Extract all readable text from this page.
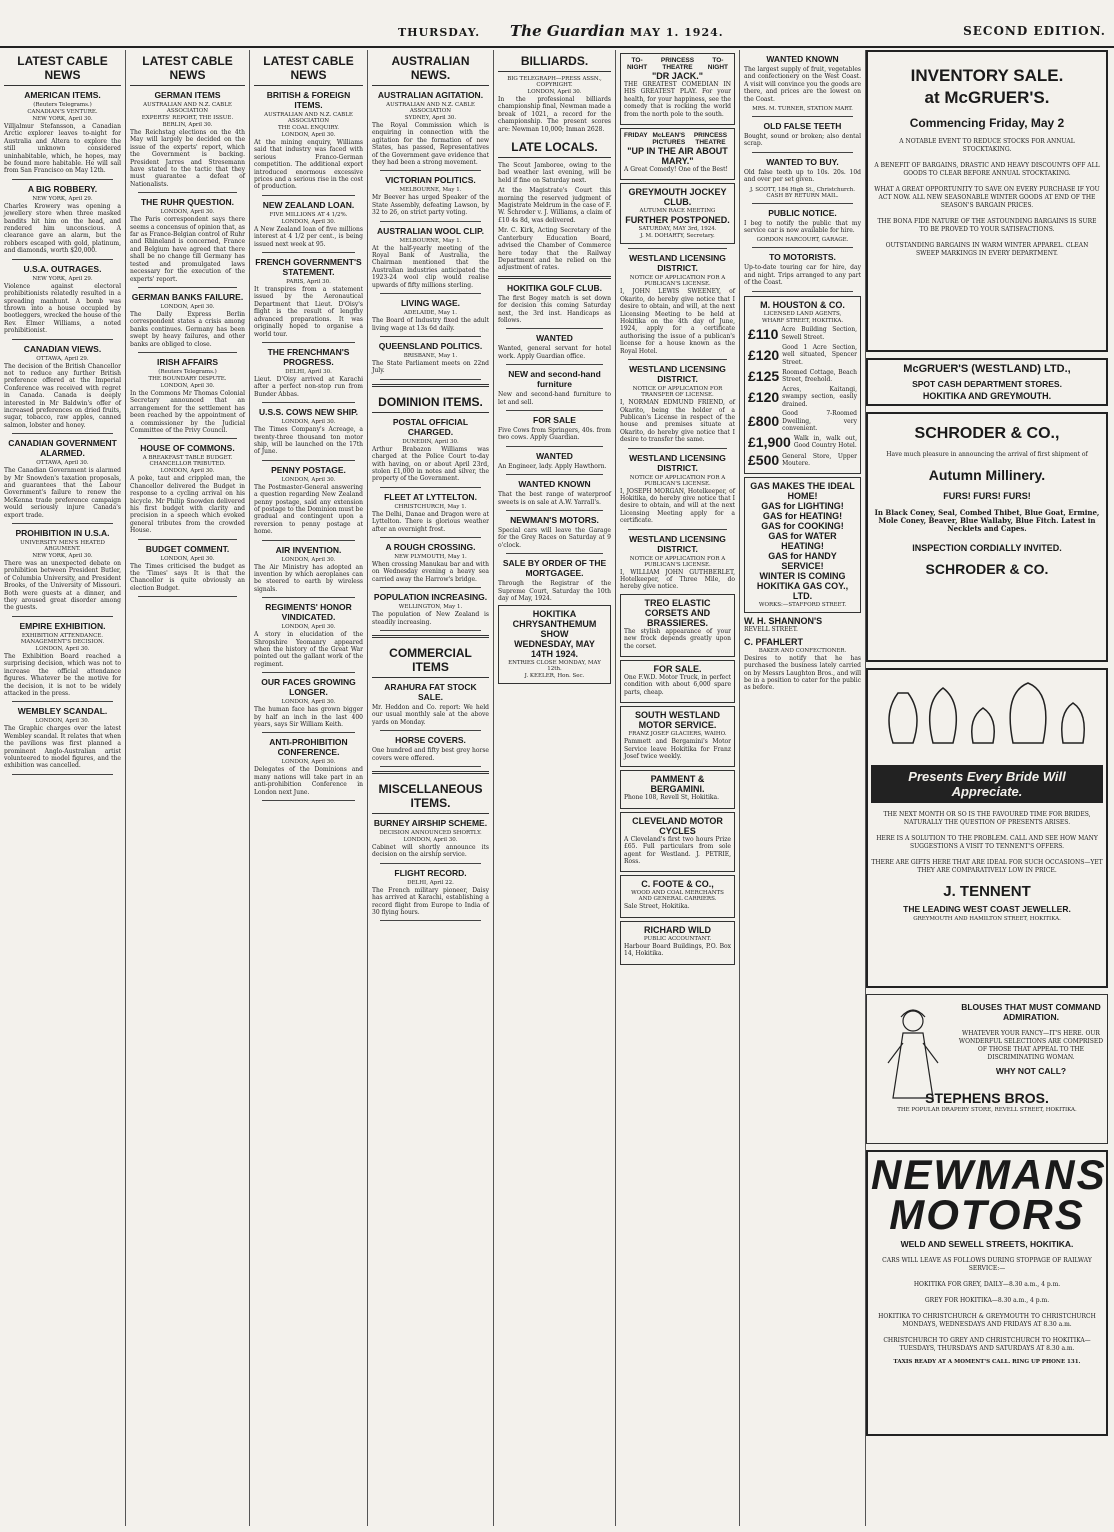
THURSDAY. The Guardian MAY 1. 1924.	SECOND EDITION.
LATEST CABLE NEWS
AMERICAN ITEMS.
(Reuters Telegrams.)
CANADIAN'S VENTURE.
NEW YORK, April 30.

Villjalmur Stefansson, a Canadian Arctic explorer leaves to-night for Australia and Altera to explore the still unknown considered uninhabitable, which, he hopes, may be found more habitable. He will sail from San Francisco on May 12th.

A BIG ROBBERY.
NEW YORK, April 29.

Charles Krowery was opening a jewellery store when three masked bandits hit him on the head, and rendered him unconscious. A clearance gave an alarm, but the robbers escaped with gold, platinum, and diamonds, worth $20,000.

U.S.A. OUTRAGES.
NEW YORK, April 29.

Violence against electoral prohibitionists relatedly resulted in a spreading manhunt. A bomb was thrown into a house occupied by bootleggers, wrecked the house of the Rev. Elmer Williams, a noted prohibitionist.

CANADIAN VIEWS.
OTTAWA, April 29.

The decision of the British Chancellor not to reduce any further British preference offered at the Imperial Conference was received with regret in Canada. Canada is deeply interested in Mr Baldwin's offer of increased preferences on dried fruits, sugar, tobacco, raw apples, canned salmon, lobster and honey.

CANADIAN GOVERNMENT ALARMED.
OTTAWA, April 30.

The Canadian Government is alarmed by Mr Snowden's taxation proposals, and guarantees that the Labour Government's failure to renew the McKenna trade preference campaign would seriously injure Canada's export trade.

PROHIBITION IN U.S.A.
UNIVERSITY MEN'S HEATED ARGUMENT.
NEW YORK, April 30.

There was an unexpected debate on prohibition between President Butler, of Columbia University, and President Brooks, of the University of Missouri. Both were guests at a dinner, and they aroused great disorder among the guests.

EMPIRE EXHIBITION.
EXHIBITION ATTENDANCE. MANAGEMENT'S DECISION.
LONDON, April 30.

The Exhibition Board reached a surprising decision, which was not to increase the official attendance figures. Whatever be the motive for the decision, it is not to be widely attacked in the press.

WEMBLEY SCANDAL.
LONDON, April 30.

The Graphic charges over the latest Wembley scandal. It relates that when the pavilions was first planned a prominent Anglo-Australian artist volunteered to model figures, and the exhibition was cancelled.

LATEST CABLE NEWS
GERMAN ITEMS
AUSTRALIAN AND N.Z. CABLE ASSOCIATION
EXPERTS' REPORT, THE ISSUE.
BERLIN, April 30.

The Reichstag elections on the 4th May will largely be decided on the issue of the experts' report, which the Government is backing. President Jarres and Stresemann have stated to the tactic that they must guarantee a defeat of Nationalists.

THE RUHR QUESTION.
LONDON, April 30.

The Paris correspondent says there seems a concensus of opinion that, as far as France-Belgian control of Ruhr and Rhineland is concerned, France and Belgium have agreed that there shall be no change till Germany has tested and promulgated laws necessary for the execution of the experts' report.

GERMAN BANKS FAILURE.
LONDON, April 30.

The Daily Express Berlin correspondent states a crisis among banks continues. Germany has been swept by heavy failures, and other banks are obliged to close.

IRISH AFFAIRS
(Reuters Telegrams.)
THE BOUNDARY DISPUTE.
LONDON, April 30.

In the Commons Mr Thomas Colonial Secretary announced that an arrangement for the settlement has been reached by the appointment of a commissioner by the Judicial Committee of the Privy Council.

HOUSE OF COMMONS.
A BREAKFAST TABLE BUDGET. CHANCELLOR TRIBUTED.
LONDON, April 30.

A poke, taut and crippled man, the Chancellor delivered the Budget in response to a cycling arrival on his bicycle. Mr Philip Snowden delivered his first budget with clarity and precision in a speech which evoked general tributes from the crowded House.

BUDGET COMMENT.
LONDON, April 30.

The Times criticised the budget as the 'Times' says It is that the Chancellor is quite obviously an election Budget.

LATEST CABLE NEWS
BRITISH & FOREIGN ITEMS.
AUSTRALIAN AND N.Z. CABLE ASSOCIATION
THE COAL ENQUIRY.
LONDON, April 30.

At the mining enquiry, Williams said that industry was faced with serious Franco-German competition. The additional export introduced enormous excessive prices and a serious rise in the cost of production.

NEW ZEALAND LOAN.
FIVE MILLIONS AT 4 1/2%.
LONDON, April 30.

A New Zealand loan of five millions interest at 4 1/2 per cent., is being issued next week at 95.

FRENCH GOVERNMENT'S STATEMENT.
PARIS, April 30.

It transpires from a statement issued by the Aeronautical Department that Lieut. D'Oisy's flight is the result of lengthy advanced preparations. It was originally hoped to organise a world tour.

THE FRENCHMAN'S PROGRESS.
DELHI, April 30.

Lieut. D'Oisy arrived at Karachi after a perfect non-stop run from Bunder Abbas.

U.S.S. COWS NEW SHIP.
LONDON, April 30.

The Times Company's Acreage, a twenty-three thousand ton motor ship, will be launched on the 17th of June.

PENNY POSTAGE.
LONDON, April 30.

The Postmaster-General answering a question regarding New Zealand penny postage, said any extension of postage to the Dominion must be gradual and contingent upon a reversion to penny postage at home.

AIR INVENTION.
LONDON, April 30.

The Air Ministry has adopted an invention by which aeroplanes can be steered to earth by wireless signals.

REGIMENTS' HONOR VINDICATED.
LONDON, April 30.

A story in elucidation of the Shropshire Yeomanry appeared when the history of the Great War pointed out the gallant work of the regiment.

OUR FACES GROWING LONGER.
LONDON, April 30.

The human face has grown bigger by half an inch in the last 400 years, says Sir William Keith.

ANTI-PROHIBITION CONFERENCE.
LONDON, April 30.

Delegates of the Dominions and many nations will take part in an anti-prohibition Conference in London next June.

AUSTRALIAN NEWS.
AUSTRALIAN AGITATION.
AUSTRALIAN AND N.Z. CABLE ASSOCIATION
SYDNEY, April 30.

The Royal Commission which is enquiring in connection with the agitation for the formation of new States, has passed, Representatives of the Government gave evidence that they had been a strong movement.

VICTORIAN POLITICS.
MELBOURNE, May 1.

Mr Beever has urged Speaker of the State Assembly, defeating Lawson, by 32 to 26, on strict party voting.

AUSTRALIAN WOOL CLIP.
MELBOURNE, May 1.

At the half-yearly meeting of the Royal Bank of Australia, the Chairman mentioned that the Australian industries anticipated the 1923-24 wool clip would realise upwards of fifty millions sterling.

LIVING WAGE.
ADELAIDE, May 1.

The Board of Industry fixed the adult living wage at 13s 6d daily.

QUEENSLAND POLITICS.
BRISBANE, May 1.

The State Parliament meets on 22nd July.

DOMINION ITEMS.
POSTAL OFFICIAL CHARGED.
DUNEDIN, April 30.

Arthur Brabazon Williams was charged at the Police Court to-day with having, on or about April 23rd, stolen £1,000 in notes and silver, the property of the Government.

FLEET AT LYTTELTON.
CHRISTCHURCH, May 1.

The Delhi, Danae and Dragon were at Lyttelton. There is glorious weather after an overnight frost.

A ROUGH CROSSING.
NEW PLYMOUTH, May 1.

When crossing Manukau bar and with on Wednesday evening a heavy sea carried away the Harrow's bridge.

POPULATION INCREASING.
WELLINGTON, May 1.

The population of New Zealand is steadily increasing.

COMMERCIAL ITEMS
ARAHURA FAT STOCK SALE.

Mr. Heddon and Co. report: We held our usual monthly sale at the above yards on Monday.

HORSE COVERS.

One hundred and fifty best grey horse covers were offered.

MISCELLANEOUS ITEMS.
BURNEY AIRSHIP SCHEME.
DECISION ANNOUNCED SHORTLY.
LONDON, April 30.

Cabinet will shortly announce its decision on the airship service.

FLIGHT RECORD.
DELHI, April 22.

The French military pioneer, Daisy has arrived at Karachi, establishing a record flight from Europe to India of 30 flying hours.

BILLIARDS.
BIG TELEGRAPH—PRESS ASSN., COPYRIGHT.
LONDON, April 30.

In the professional billiards championship final, Newman made a break of 1021, a record for the championship. The present scores are: Newman 10,000; Inman 2628.

LATE LOCALS.

The Scout Jamboree, owing to the bad weather last evening, will be held if fine on Saturday next.

At the Magistrate's Court this morning the reserved judgment of Magistrate Meldrum in the case of F. W. Schroder v. J. Williams, a claim of £10 4s 8d, was delivered.

Mr. C. Kirk, Acting Secretary of the Canterbury Education Board, advised the Chamber of Commerce here today that the Railway Department and he relied on the adjustment of rates.

HOKITIKA GOLF CLUB.

The first Bogey match is set down for decision this coming Saturday next, the 3rd inst. Handicaps as follows.

WANTED

Wanted, general servant for hotel work. Apply Guardian office.

NEW and second-hand furniture

New and second-hand furniture to let and sell.

FOR SALE

Five Cows from Springers, 40s. from two cows. Apply Guardian.

WANTED

An Engineer, lady. Apply Hawthorn.

WANTED KNOWN

That the best range of waterproof sweets is on sale at A.W. Yarrall's.

NEWMAN'S MOTORS.

Special cars will leave the Garage for the Grey Races on Saturday at 9 o'clock.

SALE BY ORDER OF THE MORTGAGEE.

Through the Registrar of the Supreme Court, Saturday the 10th day of May, 1924.

HOKITIKA CHRYSANTHEMUM SHOW
WEDNESDAY, MAY 14TH 1924.
ENTRIES CLOSE MONDAY, MAY 12th.
J. KEELER, Hon. Sec.
TO-NIGHT
PRINCESS THEATRE
TO-NIGHT
"DR JACK."

THE GREATEST COMEDIAN IN HIS GREATEST PLAY. For your health, for your happiness, see the comedy that is rocking the world from the north pole to the south.

FRIDAY McLEAN'S PICTURES
PRINCESS THEATRE
"UP IN THE AIR ABOUT MARY."

A Great Comedy! One of the Best!

GREYMOUTH JOCKEY CLUB.
AUTUMN RACE MEETING
FURTHER POSTPONED.
SATURDAY, MAY 3rd, 1924.
J. M. DOHARTY, Secretary.
WESTLAND LICENSING DISTRICT.
NOTICE OF APPLICATION FOR A PUBLICAN'S LICENSE.

I, JOHN LEWIS SWEENEY, of Okarito, do hereby give notice that I desire to obtain, and will, at the next Licensing Meeting to be held at Hokitika on the 4th day of June, 1924, apply for a certificate authorising the issue of a publican's license for a house known as the Royal Hotel.

WESTLAND LICENSING DISTRICT.
NOTICE OF APPLICATION FOR TRANSFER OF LICENSE.

I, NORMAN EDMUND FRIEND, of Okarito, being the holder of a Publican's License in respect of the house and premises situate at Okarito, do hereby give notice that I desire to transfer the same.

WESTLAND LICENSING DISTRICT.
NOTICE OF APPLICATION FOR A PUBLICAN'S LICENSE.

I, JOSEPH MORGAN, Hotelkeeper, of Hokitika, do hereby give notice that I desire to obtain, and will at the next Licensing Meeting apply for a certificate.

WESTLAND LICENSING DISTRICT.
NOTICE OF APPLICATION FOR A PUBLICAN'S LICENSE.

I, WILLIAM JOHN GUTHBERLET, Hotelkeeper, of Three Mile, do hereby give notice.

TREO ELASTIC CORSETS AND BRASSIERES.

The stylish appearance of your new frock depends greatly upon the corset.

FOR SALE.

One F.W.D. Motor Truck, in perfect condition with about 6,000 spare parts, cheap.

SOUTH WESTLAND MOTOR SERVICE.
FRANZ JOSEF GLACIERS, WAIHO.

Pammett and Bergamini's Motor Service leave Hokitika for Franz Josef twice weekly.

PAMMENT & BERGAMINI.

Phone 108, Revell St, Hokitika.

CLEVELAND MOTOR CYCLES

A Cleveland's first two hours Prize £65. Full particulars from sole agent for Westland. J. PETRIE, Ross.

C. FOOTE & CO.,
WOOD AND COAL MERCHANTS AND GENERAL CARRIERS.

Sale Street, Hokitika.

RICHARD WILD
PUBLIC ACCOUNTANT.

Harbour Board Buildings, P.O. Box 14, Hokitika.

WANTED KNOWN

The largest supply of fruit, vegetables and confectionery on the West Coast. A visit will convince you the goods are there, and prices are the lowest on the Coast.

MRS. M. TURNER, STATION MART.
OLD FALSE TEETH

Bought, sound or broken; also dental scrap.

WANTED TO BUY.

Old false teeth up to 10s. 20s. 10d and over per set given.

J. SCOTT, 184 High St., Christchurch. CASH BY RETURN MAIL.
PUBLIC NOTICE.

I beg to notify the public that my service car is now available for hire.

GORDON HARCOURT, GARAGE.
TO MOTORISTS.

Up-to-date touring car for hire, day and night. Trips arranged to any part of the Coast.

M. HOUSTON & CO.
LICENSED LAND AGENTS,
WHARF STREET, HOKITIKA.
£110 Acre Building Section, Sewell Street.
£120 Good 1 Acre Section, well situated, Spencer Street.
£125 Roomed Cottage, Beach Street, freehold.
£120 Acres, Kaitangi, swampy section, easily drained.
£800 Good 7-Roomed Dwelling, very convenient.
£1,900 Walk in, walk out, Good Country Hotel.
£500 General Store, Upper Moutere.
GAS MAKES THE IDEAL HOME!
GAS for LIGHTING!
GAS for HEATING!
GAS for COOKING!
GAS for WATER HEATING!
GAS for HANDY SERVICE!
WINTER IS COMING
HOKITIKA GAS COY., LTD.
WORKS:—STAFFORD STREET.
W. H. SHANNON'S

REVELL STREET.

C. PFAHLERT
BAKER AND CONFECTIONER.

Desires to notify that he has purchased the business lately carried on by Messrs Laughton Bros., and will be in a position to cater for the public as before.

INVENTORY SALE.
at McGRUER'S.
Commencing Friday, May 2
A NOTABLE EVENT TO REDUCE STOCKS FOR ANNUAL STOCKTAKING.
A BENEFIT OF BARGAINS, DRASTIC AND HEAVY DISCOUNTS OFF ALL GOODS TO CLEAR BEFORE ANNUAL STOCKTAKING.
WHAT A GREAT OPPORTUNITY TO SAVE ON EVERY PURCHASE IF YOU ACT NOW. ALL NEW SEASONABLE WINTER GOODS AT END OF THE SEASON'S BARGAIN PRICES.
THE BONA FIDE NATURE OF THE ASTOUNDING BARGAINS IS SURE TO BE PROVED TO YOUR SATISFACTIONS.
OUTSTANDING BARGAINS IN WARM WINTER APPAREL. CLEAN SWEEP MARKINGS IN EVERY DEPARTMENT.
McGRUER'S (WESTLAND) LTD.,
SPOT CASH DEPARTMENT STORES.
HOKITIKA AND GREYMOUTH.
SCHRODER & CO.,
Have much pleasure in announcing the arrival of first shipment of
Autumn Millinery.
FURS! FURS! FURS!
In Black Coney, Seal, Combed Thibet, Blue Goat, Ermine, Mole Coney, Beaver, Blue Wallaby, Blue Fitch. Latest in Necklets and Capes.
INSPECTION CORDIALLY INVITED.
SCHRODER & CO.
Presents Every Bride Will Appreciate.
THE NEXT MONTH OR SO IS THE FAVOURED TIME FOR BRIDES, NATURALLY THE QUESTION OF PRESENTS ARISES.
HERE IS A SOLUTION TO THE PROBLEM. CALL AND SEE HOW MANY SUGGESTIONS A VISIT TO TENNENT'S OFFERS.
THERE ARE GIFTS HERE THAT ARE IDEAL FOR SUCH OCCASIONS—YET THEY ARE COMPARATIVELY LOW IN PRICE.
J. TENNENT
THE LEADING WEST COAST JEWELLER.
GREYMOUTH AND HAMILTON STREET, HOKITIKA.
BLOUSES THAT MUST COMMAND ADMIRATION.
WHATEVER YOUR FANCY—IT'S HERE. OUR WONDERFUL SELECTIONS ARE COMPRISED OF THOSE THAT APPEAL TO THE DISCRIMINATING WOMAN.
WHY NOT CALL?
STEPHENS BROS.
THE POPULAR DRAPERY STORE, REVELL STREET, HOKITIKA.
NEWMANS
MOTORS
WELD AND SEWELL STREETS, HOKITIKA.
CARS WILL LEAVE AS FOLLOWS DURING STOPPAGE OF RAILWAY SERVICE:—
HOKITIKA FOR GREY, DAILY—8.30 a.m., 4 p.m.
GREY FOR HOKITIKA—8.30 a.m., 4 p.m.
HOKITIKA TO CHRISTCHURCH & GREYMOUTH TO CHRISTCHURCH MONDAYS, WEDNESDAYS AND FRIDAYS AT 8.30 a.m.
CHRISTCHURCH TO GREY AND CHRISTCHURCH TO HOKITIKA—TUESDAYS, THURSDAYS AND SATURDAYS AT 8.30 a.m.
TAXIS READY AT A MOMENT'S CALL. RING UP PHONE 131.
